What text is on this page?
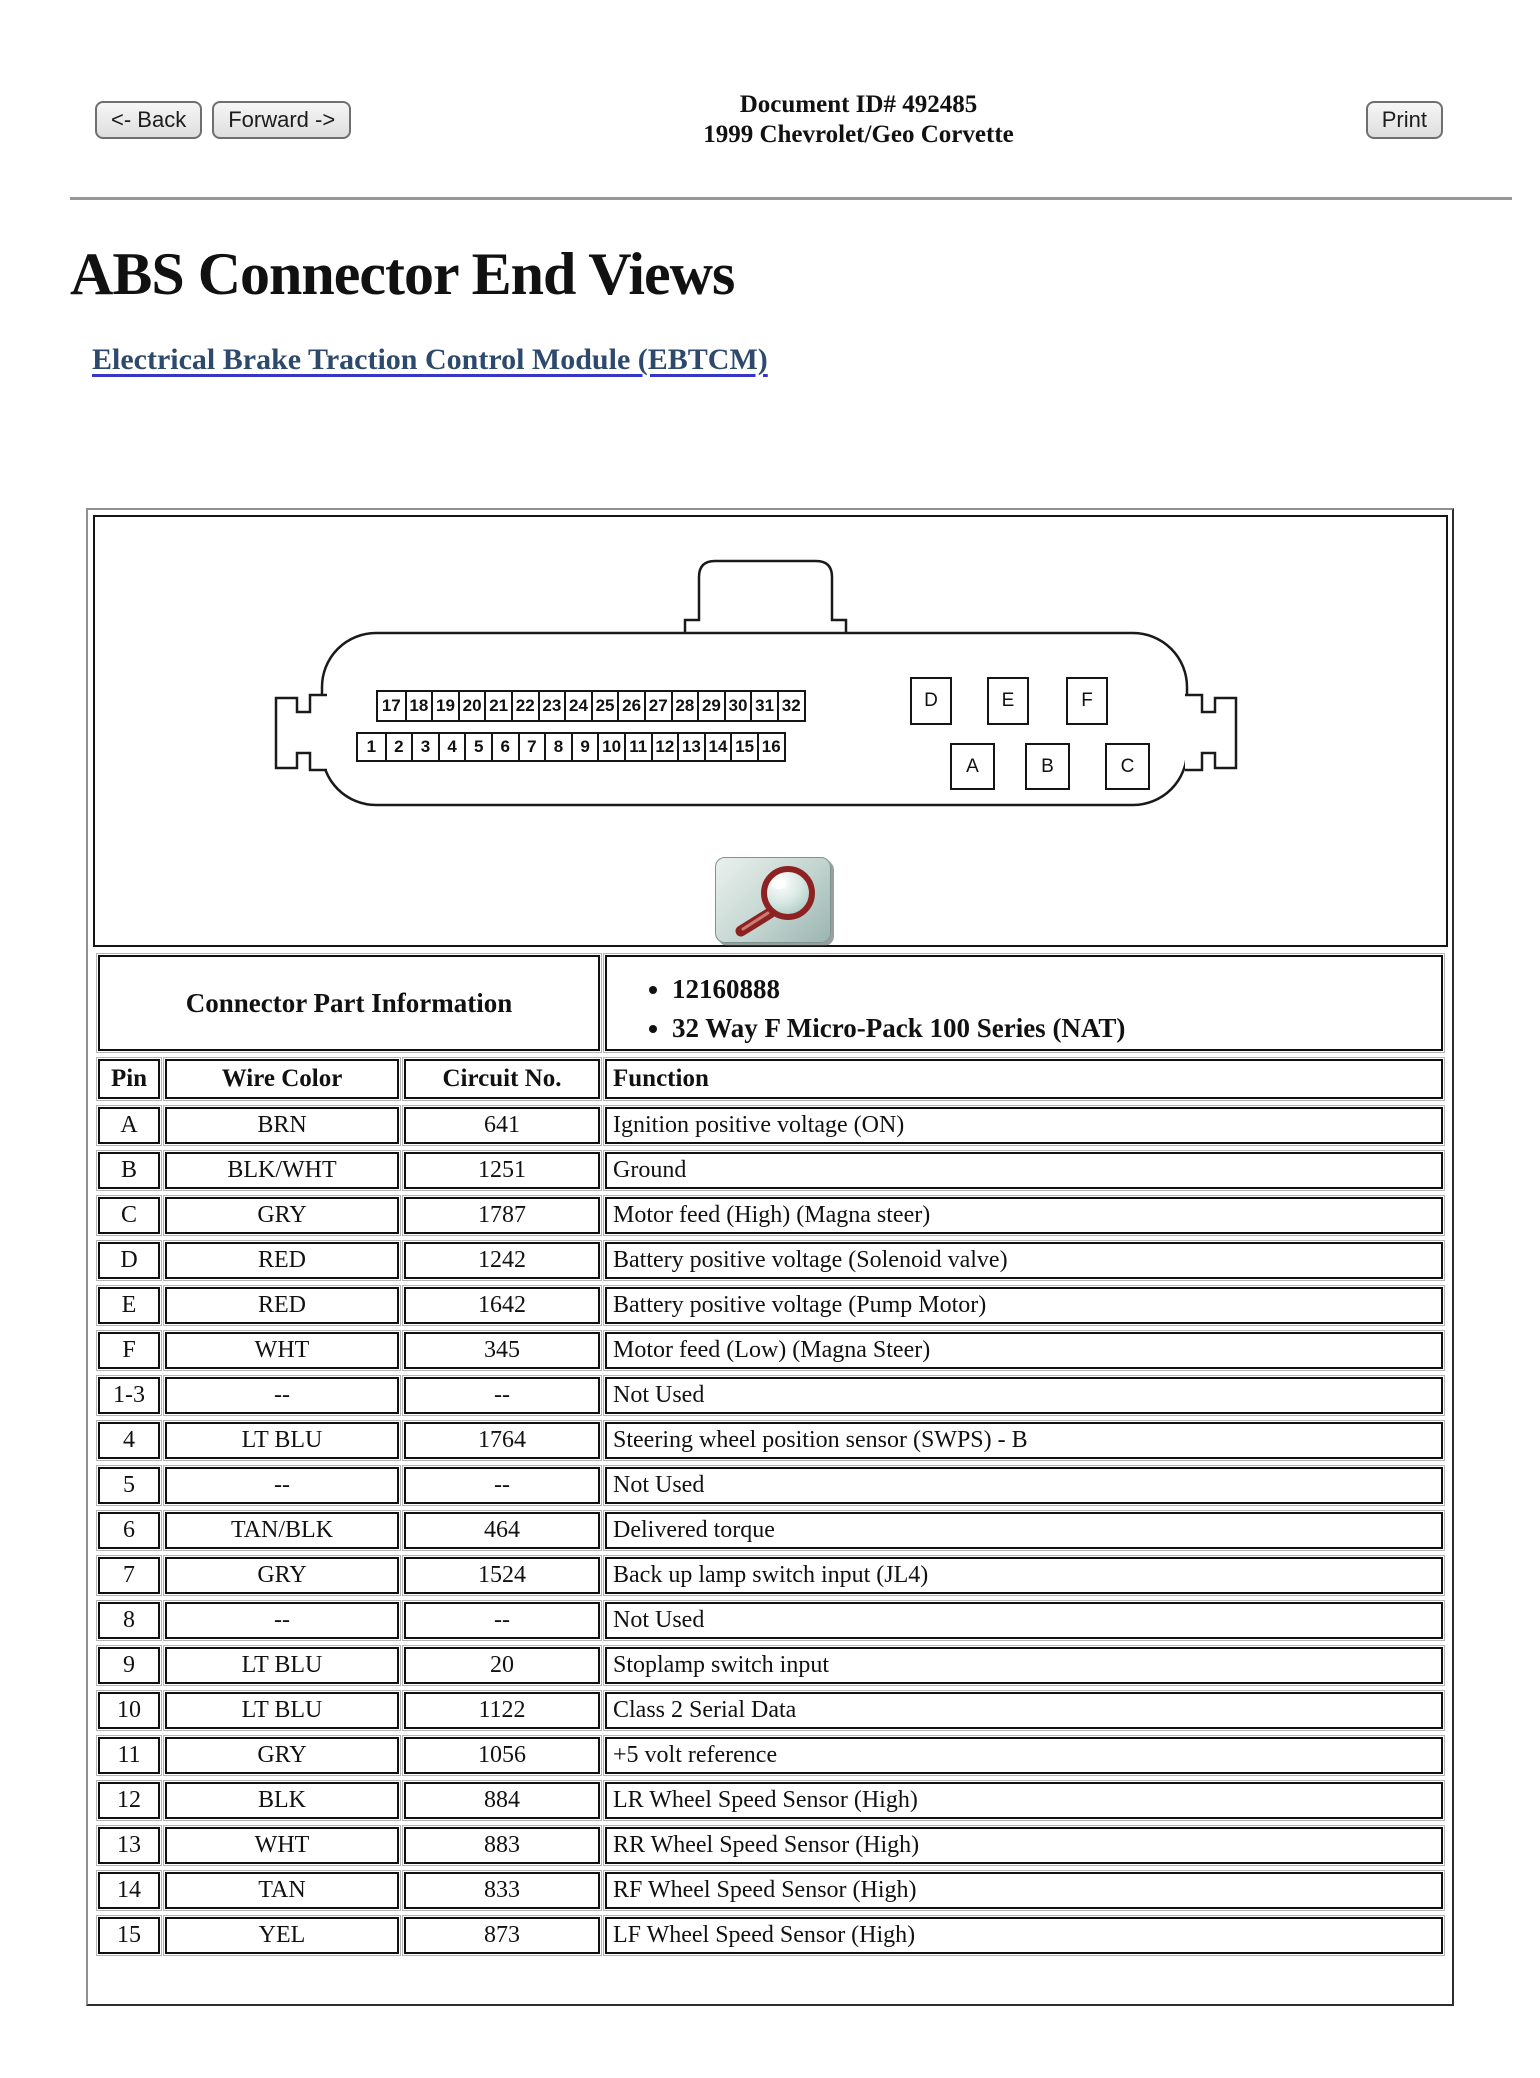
<- Back	Forward ->
Document ID# 492485
1999 Chevrolet/Geo Corvette
Print
ABS Connector End Views
Electrical Brake Traction Control Module (EBTCM)
17 18 19 20 21 22 23 24 25 26 27 28 29 30 31 32
1	2	3	4	5	6	7	8	9 10 11 12 13 14 15 16
D	E	F
A	B	C
Connector Part Information	
•12160888
• 32 Way F Micro-Pack 100 Series (NAT)

Pin	Wire Color	Circuit No.	Function
A	BRN	641	Ignition positive voltage (ON)
B	BLK/WHT	1251	Ground
C	GRY	1787	Motor feed (High) (Magna steer)
D	RED	1242	Battery positive voltage (Solenoid valve)
E	RED	1642	Battery positive voltage (Pump Motor)
F	WHT	345	Motor feed (Low) (Magna Steer)
1-3	--	--	Not Used
4	LT BLU	1764	Steering wheel position sensor (SWPS) - B
5	--	--	Not Used
6	TAN/BLK	464	Delivered torque
7	GRY	1524	Back up lamp switch input (JL4)
8	--	--	Not Used
9	LT BLU	20	Stoplamp switch input
10	LT BLU	1122	Class 2 Serial Data
11	GRY	1056	+5 volt reference
12	BLK	884	LR Wheel Speed Sensor (High)
13	WHT	883	RR Wheel Speed Sensor (High)
14	TAN	833	RF Wheel Speed Sensor (High)
15	YEL	873	LF Wheel Speed Sensor (High)
